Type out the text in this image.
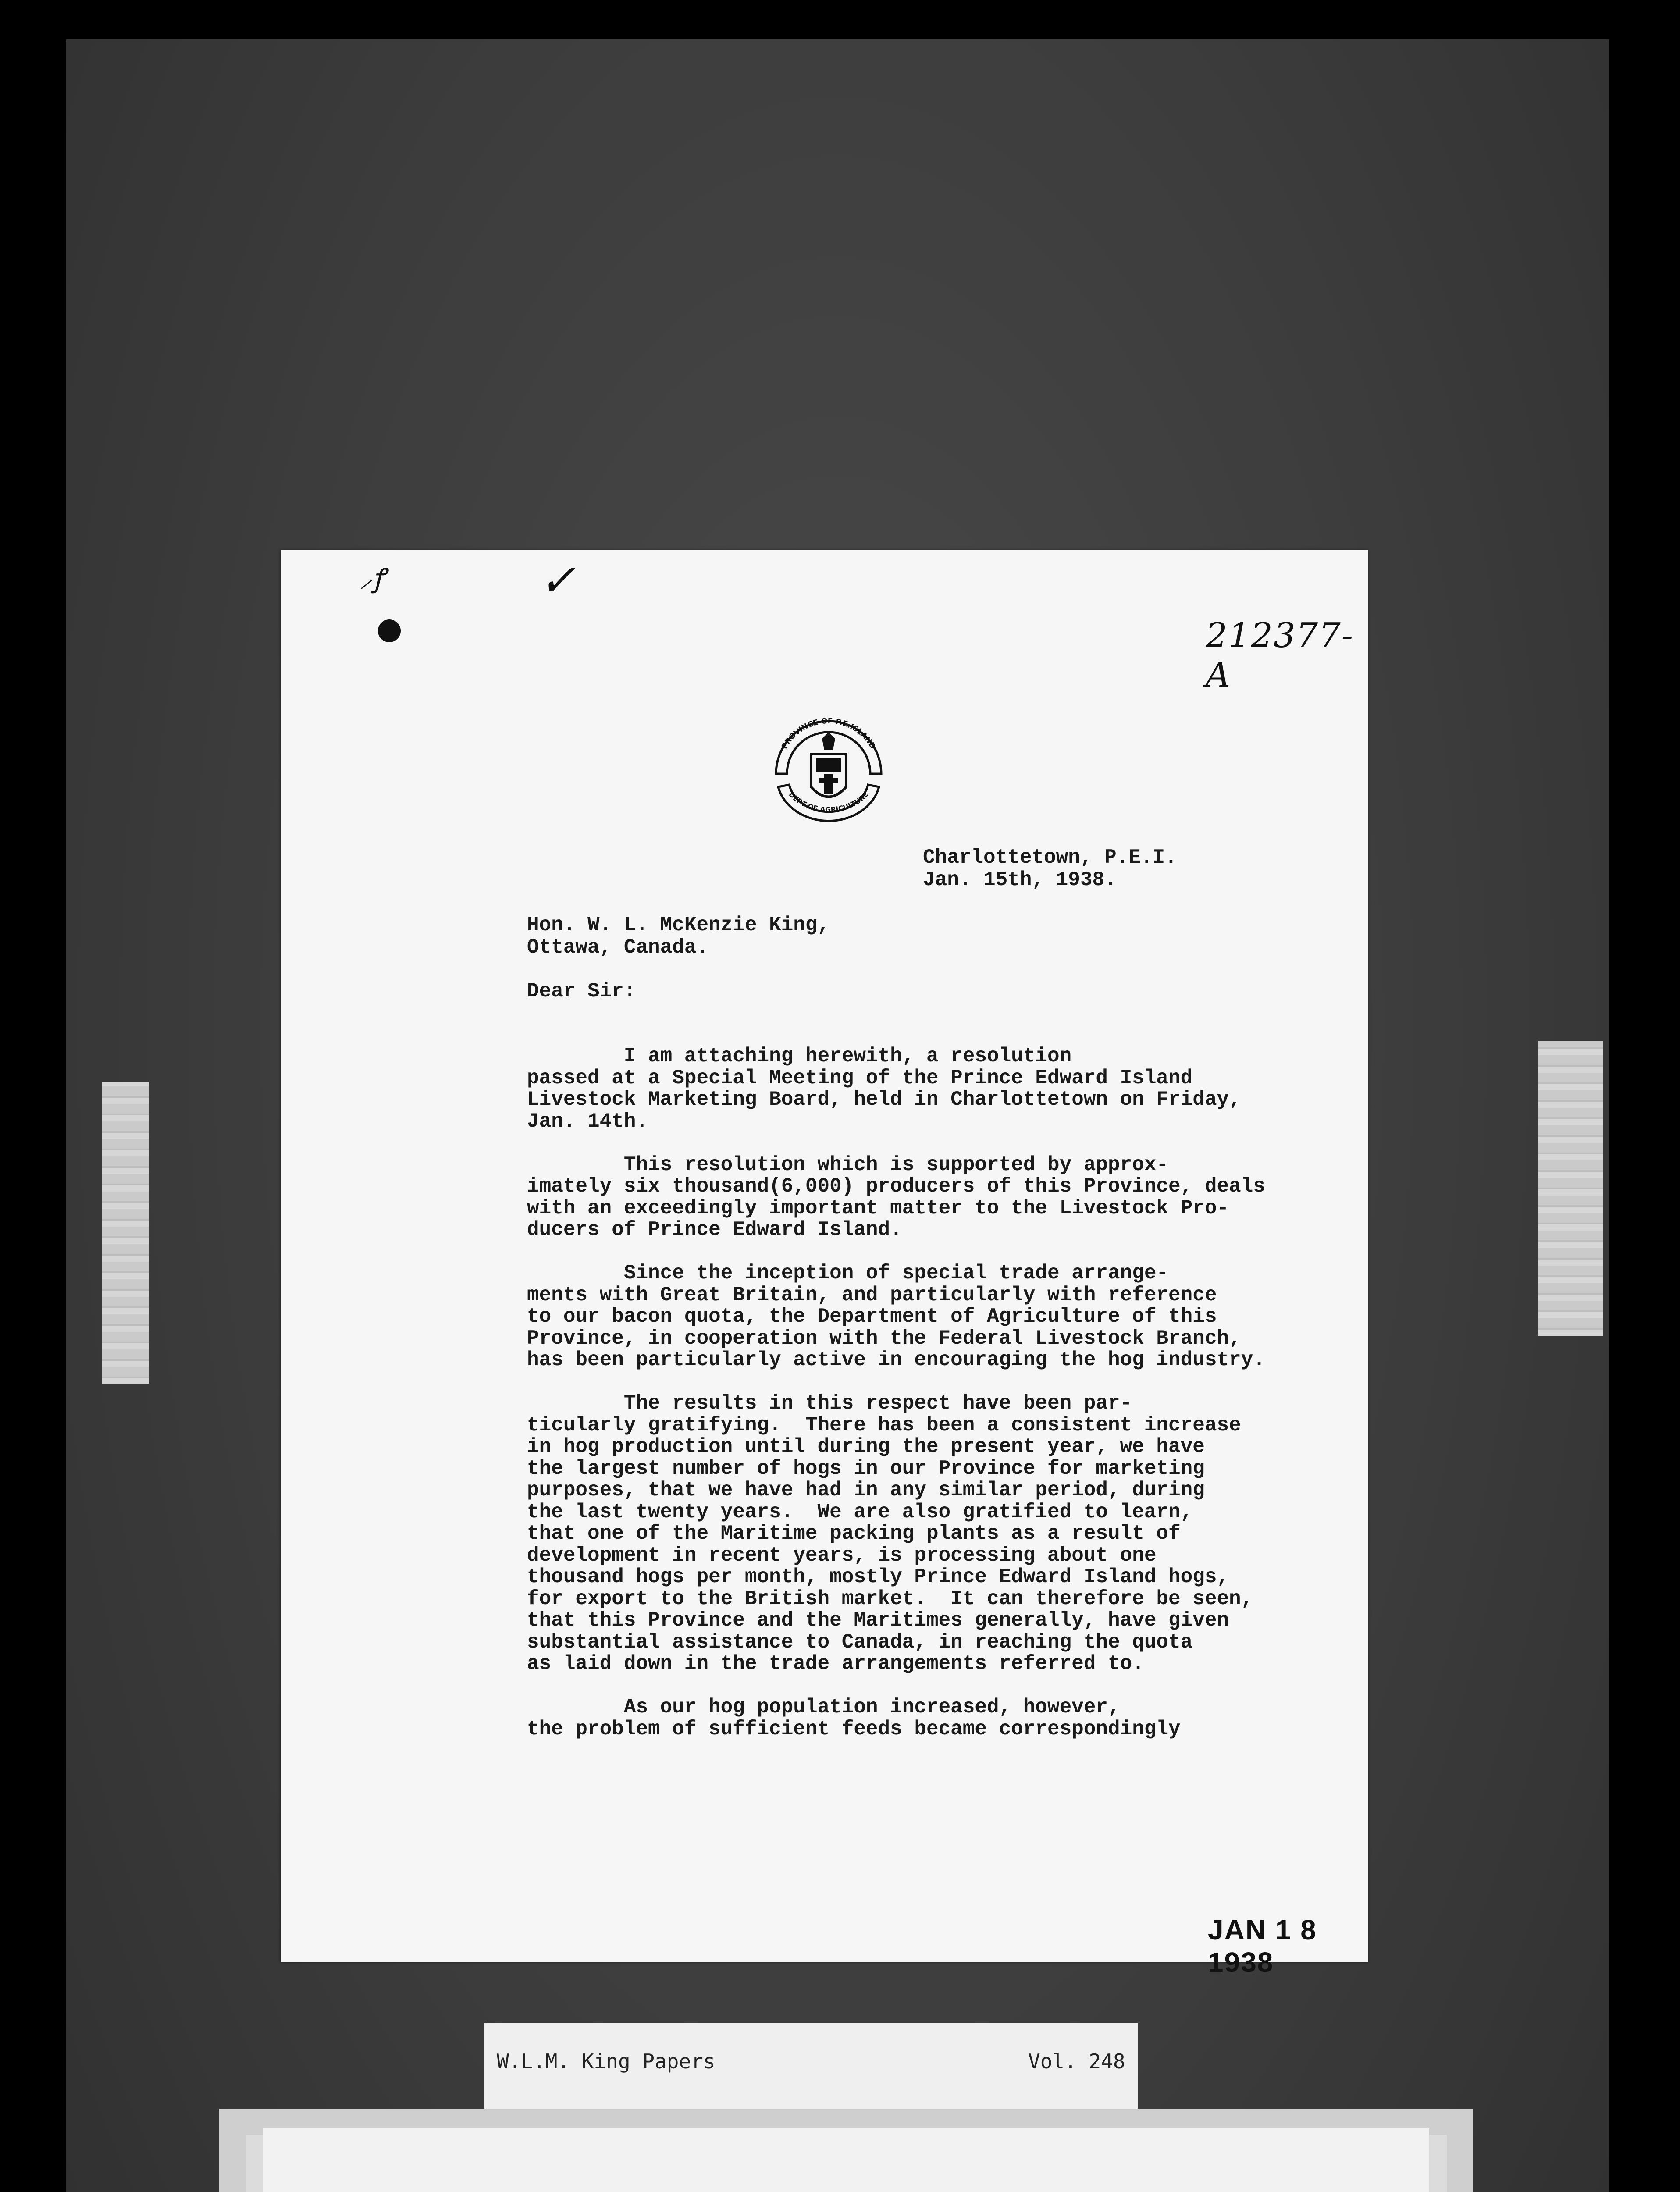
⸝ꝭ	✓
212377-A
PROVINCE OF P.E.ISLAND
DEPT OF AGRICULTURE
Charlottetown, P.E.I.
Jan. 15th, 1938.
Hon. W. L. McKenzie King,
Ottawa, Canada.
Dear Sir:
I am attaching herewith, a resolution
passed at a Special Meeting of the Prince Edward Island
Livestock Marketing Board, held in Charlottetown on Friday,
Jan. 14th.

This resolution which is supported by approx-
imately six thousand(6,000) producers of this Province, deals
with an exceedingly important matter to the Livestock Pro-
ducers of Prince Edward Island.

Since the inception of special trade arrange-
ments with Great Britain, and particularly with reference
to our bacon quota, the Department of Agriculture of this
Province, in cooperation with the Federal Livestock Branch,
has been particularly active in encouraging the hog industry.

The results in this respect have been par-
ticularly gratifying.  There has been a consistent increase
in hog production until during the present year, we have
the largest number of hogs in our Province for marketing
purposes, that we have had in any similar period, during
the last twenty years.  We are also gratified to learn,
that one of the Maritime packing plants as a result of
development in recent years, is processing about one
thousand hogs per month, mostly Prince Edward Island hogs,
for export to the British market.  It can therefore be seen,
that this Province and the Maritimes generally, have given
substantial assistance to Canada, in reaching the quota
as laid down in the trade arrangements referred to.

As our hog population increased, however,
the problem of sufficient feeds became correspondingly
JAN 1 8 1938
W.L.M. King Papers	Vol. 248
